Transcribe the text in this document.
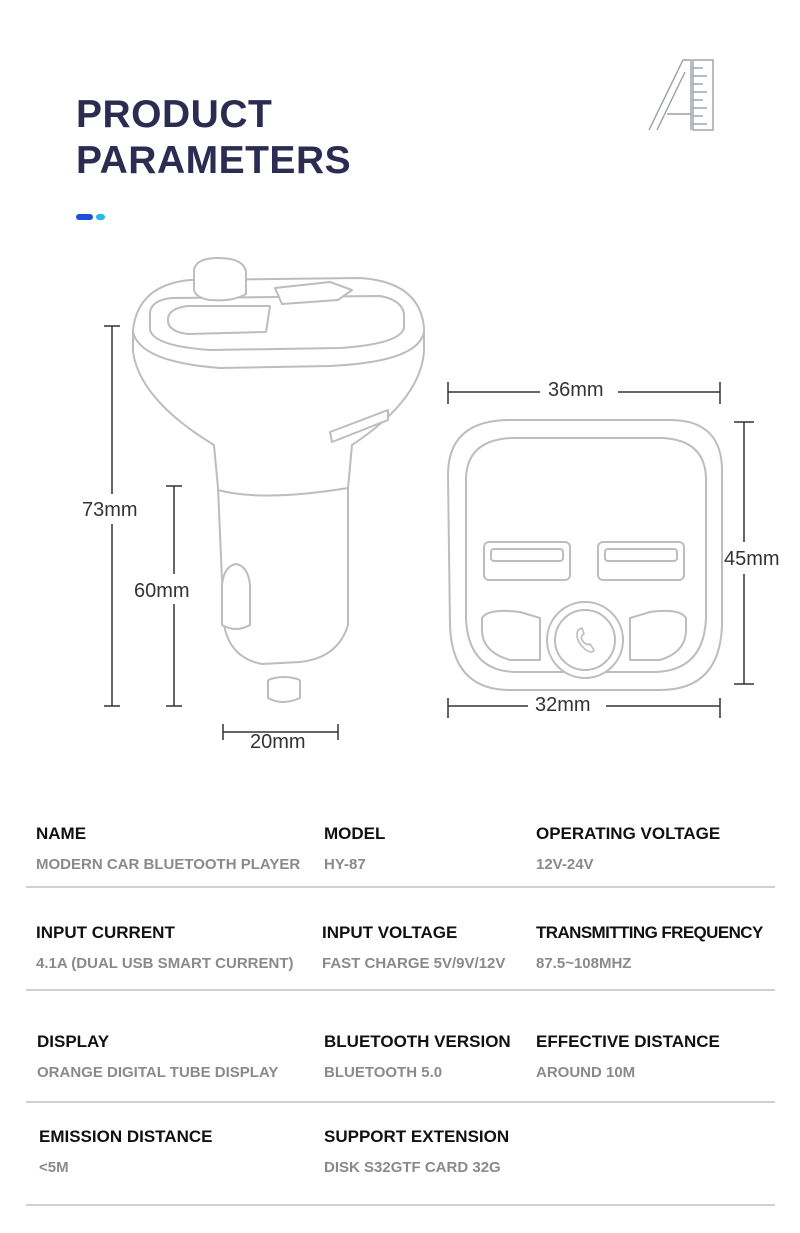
PRODUCT
PARAMETERS
73mm
60mm
20mm
36mm
45mm
32mm
NAME
MODERN CAR BLUETOOTH PLAYER
MODEL
HY-87
OPERATING VOLTAGE
12V-24V
INPUT CURRENT
4.1A (DUAL USB SMART CURRENT)
INPUT VOLTAGE
FAST CHARGE 5V/9V/12V
TRANSMITTING FREQUENCY
87.5~108MHZ
DISPLAY
ORANGE DIGITAL TUBE DISPLAY
BLUETOOTH VERSION
BLUETOOTH 5.0
EFFECTIVE DISTANCE
AROUND 10M
EMISSION DISTANCE
<5M
SUPPORT EXTENSION
DISK S32GTF CARD 32G
